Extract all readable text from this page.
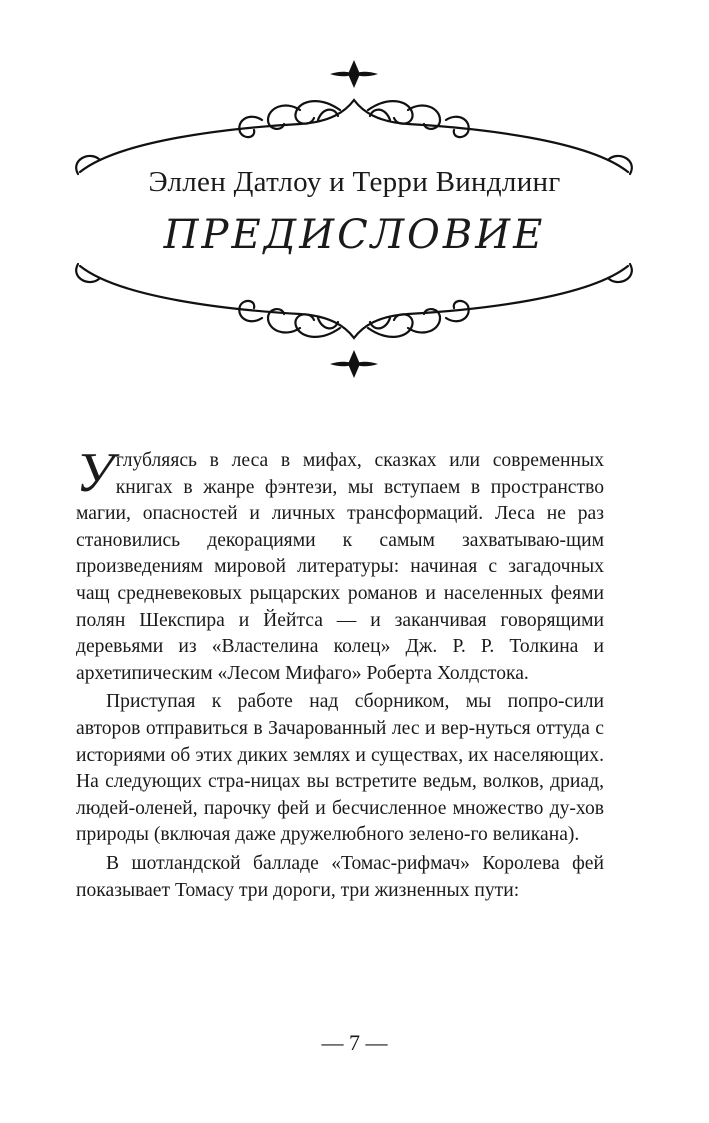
Эллен Датлоу и Терри Виндлинг
ПРЕДИСЛОВИЕ

Углубляясь в леса в мифах, сказках или современных книгах в жанре фэнтези, мы вступаем в пространство магии, опасностей и личных трансформаций. Леса не раз становились декорациями к самым захватываю-щим произведениям мировой литературы: начиная с загадочных чащ средневековых рыцарских романов и населенных феями полян Шекспира и Йейтса — и заканчивая говорящими деревьями из «Властелина колец» Дж. Р. Р. Толкина и архетипическим «Лесом Мифаго» Роберта Холдстока.

Приступая к работе над сборником, мы попро-сили авторов отправиться в Зачарованный лес и вер-нуться оттуда с историями об этих диких землях и существах, их населяющих. На следующих стра-ницах вы встретите ведьм, волков, дриад, людей-оленей, парочку фей и бесчисленное множество ду-хов природы (включая даже дружелюбного зелено-го великана).

В шотландской балладе «Томас-рифмач» Королева фей показывает Томасу три дороги, три жизненных пути:

— 7 —
